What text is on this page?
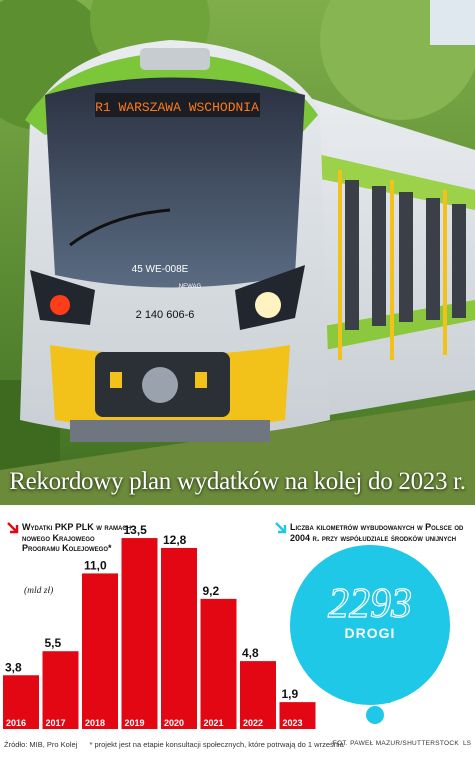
R1 WARSZAWA WSCHODNIA
45 WE-008E
NEWAG
2 140 606-6
Rekordowy plan wydatków na kolej do 2023 r.
Wydatki PKP PLK w ramach nowego Krajowego Programu Kolejowego*
(mld zł)
Liczba kilometrów wybudowanych w Polsce od 2004 r. przy współudziale środków unijnych
3,8
2016
5,5
2017
11,0
2018
13,5
2019
12,8
2020
9,2
2021
4,8
2022
1,9
2023
2293
DROGI
34
KOLEJ
Źródło: MIB, Pro Kolej * projekt jest na etapie konsultacji społecznych, które potrwają do 1 września
FOT. PAWEŁ MAZUR/SHUTTERSTOCK LS
